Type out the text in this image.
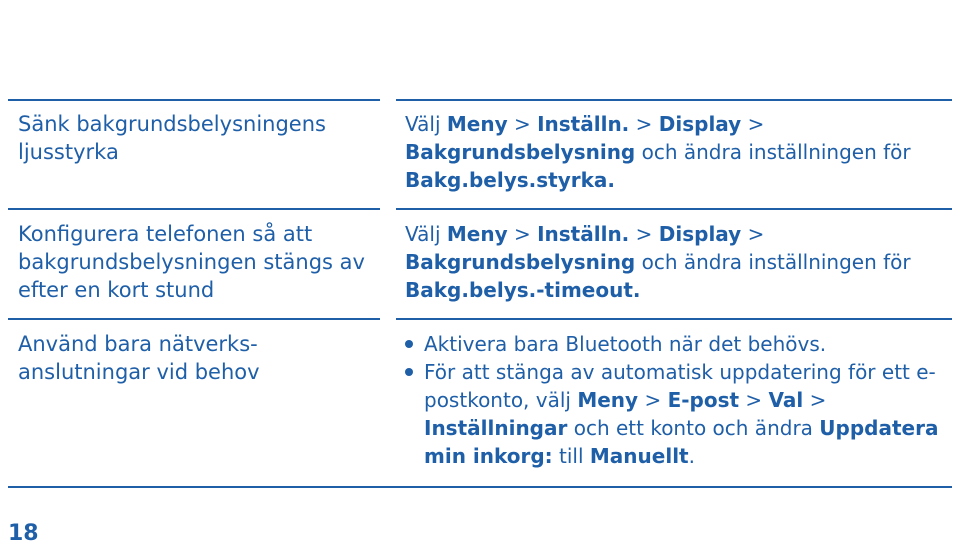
Sänk bakgrundsbelysningens ljusstyrka
Välj Meny > Inställn. > Display > Bakgrundsbelysning och ändra inställningen för Bakg.belys.styrka.
Konfigurera telefonen så att bakgrundsbelysningen stängs av efter en kort stund
Välj Meny > Inställn. > Display > Bakgrundsbelysning och ändra inställningen för Bakg.belys.-timeout.
Använd bara nätverks-anslutningar vid behov
Aktivera bara Bluetooth när det behövs.
För att stänga av automatisk uppdatering för ett e-postkonto, välj Meny > E-post > Val > Inställningar och ett konto och ändra Uppdatera min inkorg: till Manuellt.
18
